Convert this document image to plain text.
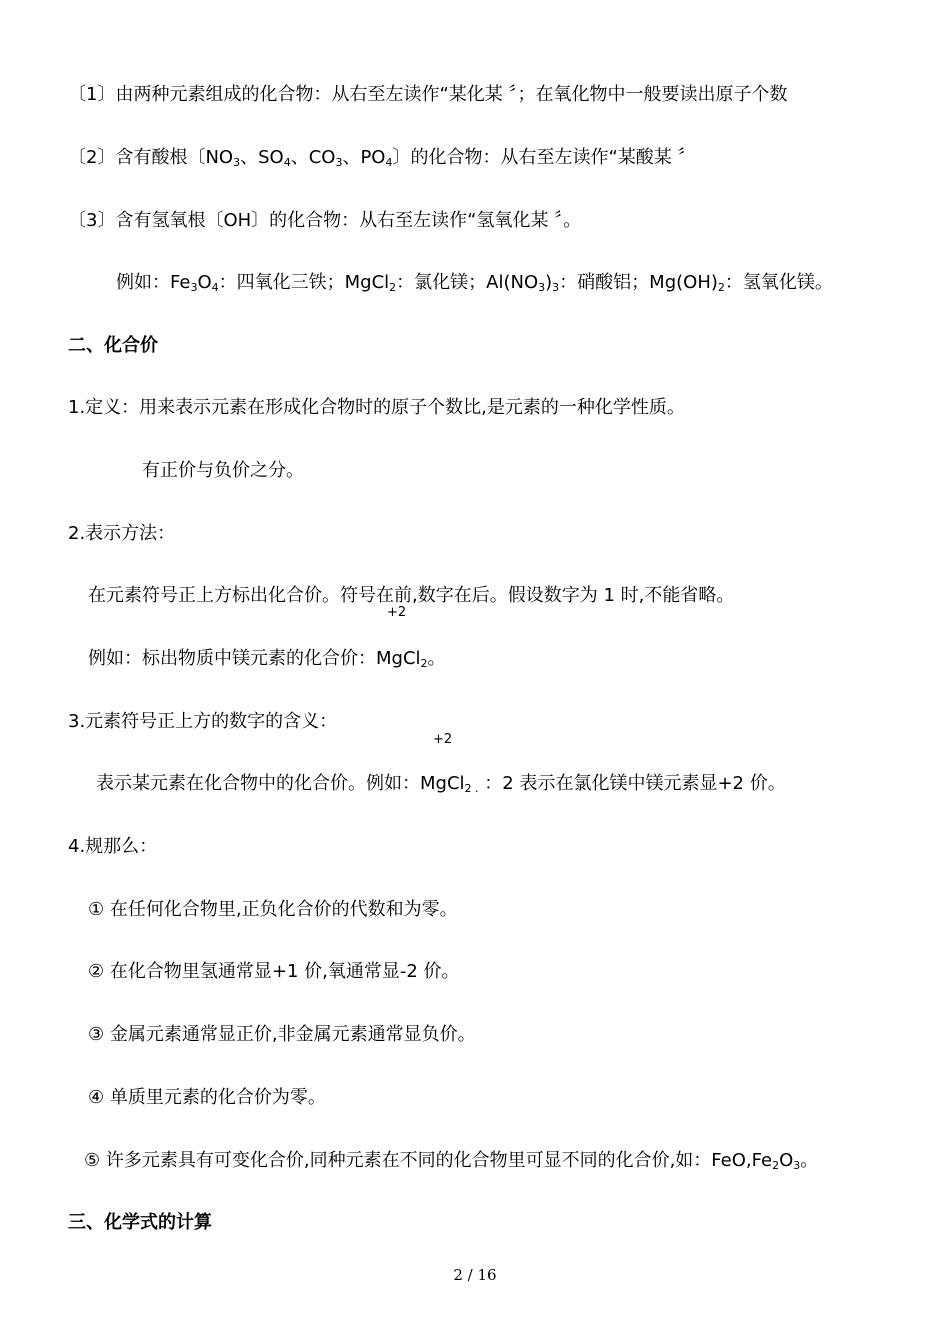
〔1〕由两种元素组成的化合物：从右至左读作“某化某 〞；在氧化物中一般要读出原子个数
〔2〕含有酸根〔$NO_3$、$SO_4$、$CO_3$、$PO_4$〕的化合物：从右至左读作“某酸某 〞
〔3〕含有氢氧根〔OH〕的化合物：从右至左读作“氢氧化某 〞。
例如：$Fe_3O_4$：四氧化三铁；MgCl$_2$：氯化镁；$Al(NO_3)_3$：硝酸铝；$Mg(OH)_2$：氢氧化镁。
二、化合价
1.定义：用来表示元素在形成化合物时的原子个数比,是元素的一种化学性质。
有正价与负价之分。
2.表示方法：
在元素符号正上方标出化合价。符号在前,数字在后。假设数字为 1 时,不能省略。
+2
例如：标出物质中镁元素的化合价：MgCl$_2$。
3.元素符号正上方的数字的含义：
+2
表示某元素在化合物中的化合价。例如：MgCl$_{2 .}$ ：2 表示在氯化镁中镁元素显+2 价。
4.规那么：
① 在任何化合物里,正负化合价的代数和为零。
② 在化合物里氢通常显+1 价,氧通常显-2 价。
③ 金属元素通常显正价,非金属元素通常显负价。
④ 单质里元素的化合价为零。
⑤ 许多元素具有可变化合价,同种元素在不同的化合物里可显不同的化合价,如：$FeO,Fe_2O_3$。
三、化学式的计算
2 / 16
